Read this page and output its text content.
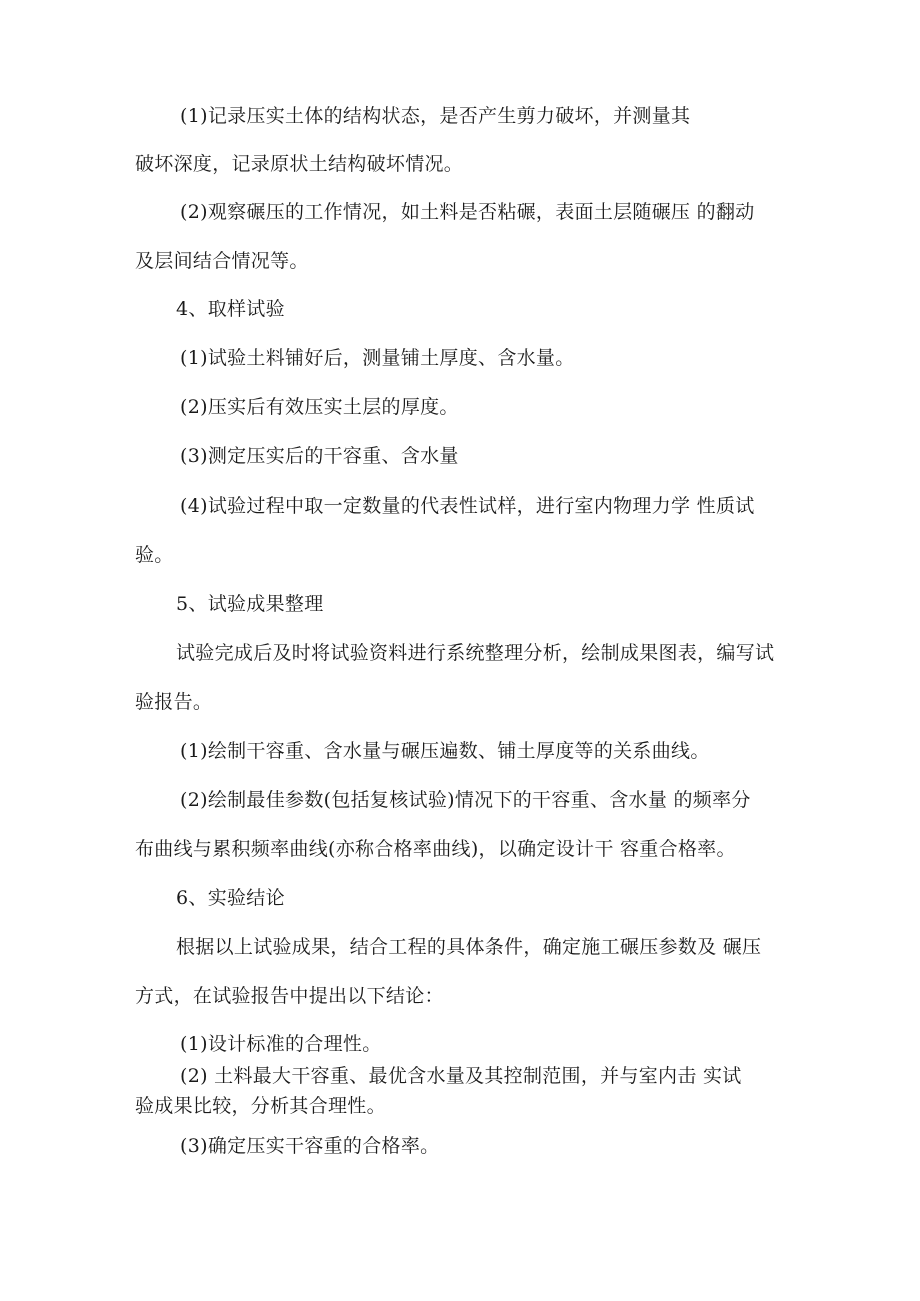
(1)记录压实土体的结构状态，是否产生剪力破坏，并测量其

破坏深度，记录原状土结构破坏情况。

(2)观察碾压的工作情况，如土料是否粘碾，表面土层随碾压 的翻动

及层间结合情况等。

4、取样试验

(1)试验土料铺好后，测量铺土厚度、含水量。

(2)压实后有效压实土层的厚度。

(3)测定压实后的干容重、含水量

(4)试验过程中取一定数量的代表性试样，进行室内物理力学 性质试

验。

5、试验成果整理

试验完成后及时将试验资料进行系统整理分析，绘制成果图表，编写试

验报告。

(1)绘制干容重、含水量与碾压遍数、铺土厚度等的关系曲线。

(2)绘制最佳参数(包括复核试验)情况下的干容重、含水量 的频率分

布曲线与累积频率曲线(亦称合格率曲线)，以确定设计干 容重合格率。

6、实验结论

根据以上试验成果，结合工程的具体条件，确定施工碾压参数及 碾压

方式，在试验报告中提出以下结论：

(1)设计标准的合理性。

(2) 土料最大干容重、最优含水量及其控制范围，并与室内击 实试

验成果比较，分析其合理性。

(3)确定压实干容重的合格率。
